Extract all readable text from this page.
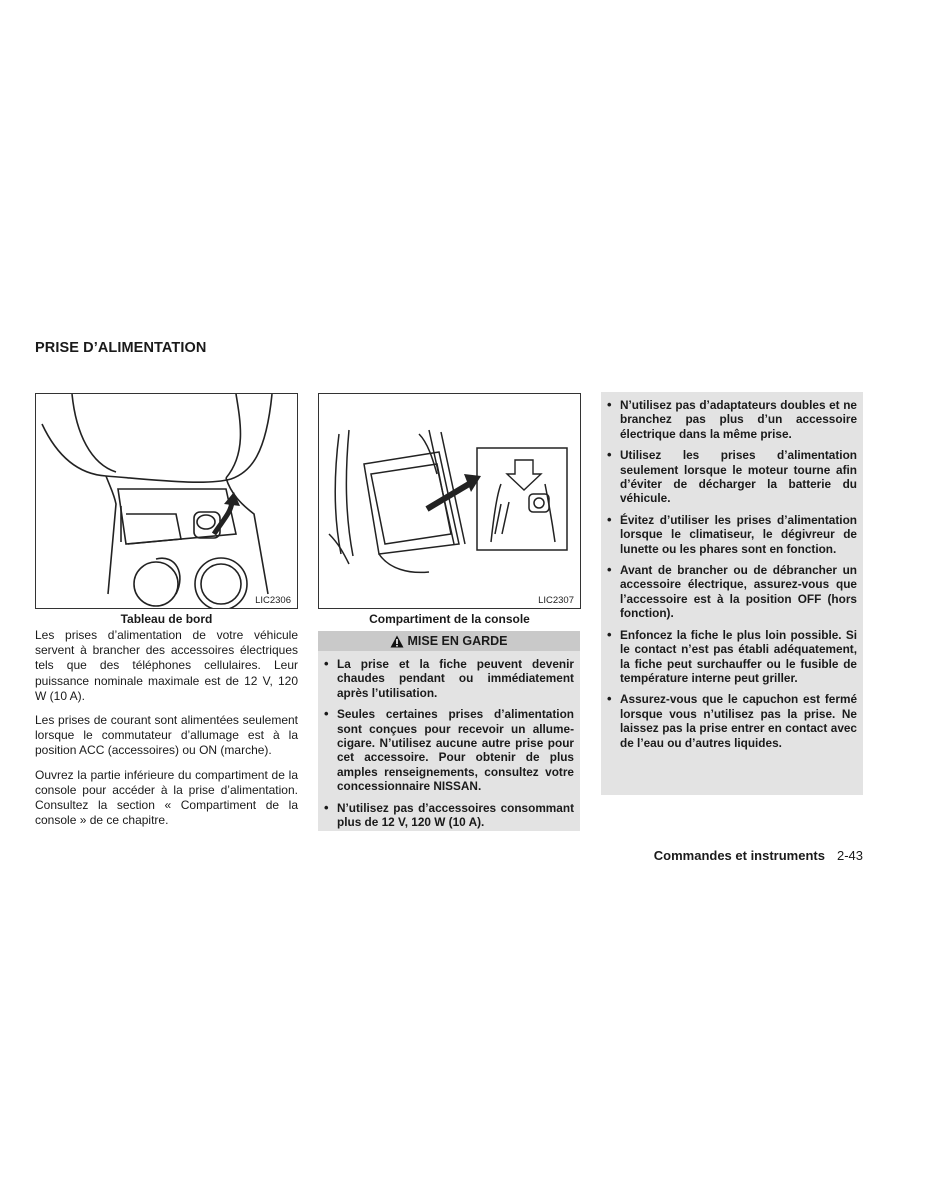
PRISE D’ALIMENTATION
LIC2306
Tableau de bord
LIC2307
Compartiment de la console

Les prises d’alimentation de votre véhicule servent à brancher des accessoires électriques tels que des téléphones cellulaires. Leur puissance nominale maximale est de 12 V, 120 W (10 A).

Les prises de courant sont alimentées seulement lorsque le commutateur d’allumage est à la position ACC (accessoires) ou ON (marche).

Ouvrez la partie inférieure du compartiment de la console pour accéder à la prise d’alimentation. Consultez la section « Compartiment de la console » de ce chapitre.

MISE EN GARDE
• La prise et la fiche peuvent devenir chaudes pendant ou immédiatement après l’utilisation.
• Seules certaines prises d’alimentation sont conçues pour recevoir un allume-cigare. N’utilisez aucune autre prise pour cet accessoire. Pour obtenir de plus amples renseignements, consultez votre concessionnaire NISSAN.
• N’utilisez pas d’accessoires consommant plus de 12 V, 120 W (10 A).
• N’utilisez pas d’adaptateurs doubles et ne branchez pas plus d’un accessoire électrique dans la même prise.
• Utilisez les prises d’alimentation seulement lorsque le moteur tourne afin d’éviter de décharger la batterie du véhicule.
• Évitez d’utiliser les prises d’alimentation lorsque le climatiseur, le dégivreur de lunette ou les phares sont en fonction.
• Avant de brancher ou de débrancher un accessoire électrique, assurez-vous que l’accessoire est à la position OFF (hors fonction).
• Enfoncez la fiche le plus loin possible. Si le contact n’est pas établi adéquatement, la fiche peut surchauffer ou le fusible de température interne peut griller.
• Assurez-vous que le capuchon est fermé lorsque vous n’utilisez pas la prise. Ne laissez pas la prise entrer en contact avec de l’eau ou d’autres liquides.
Commandes et instruments 2-43
